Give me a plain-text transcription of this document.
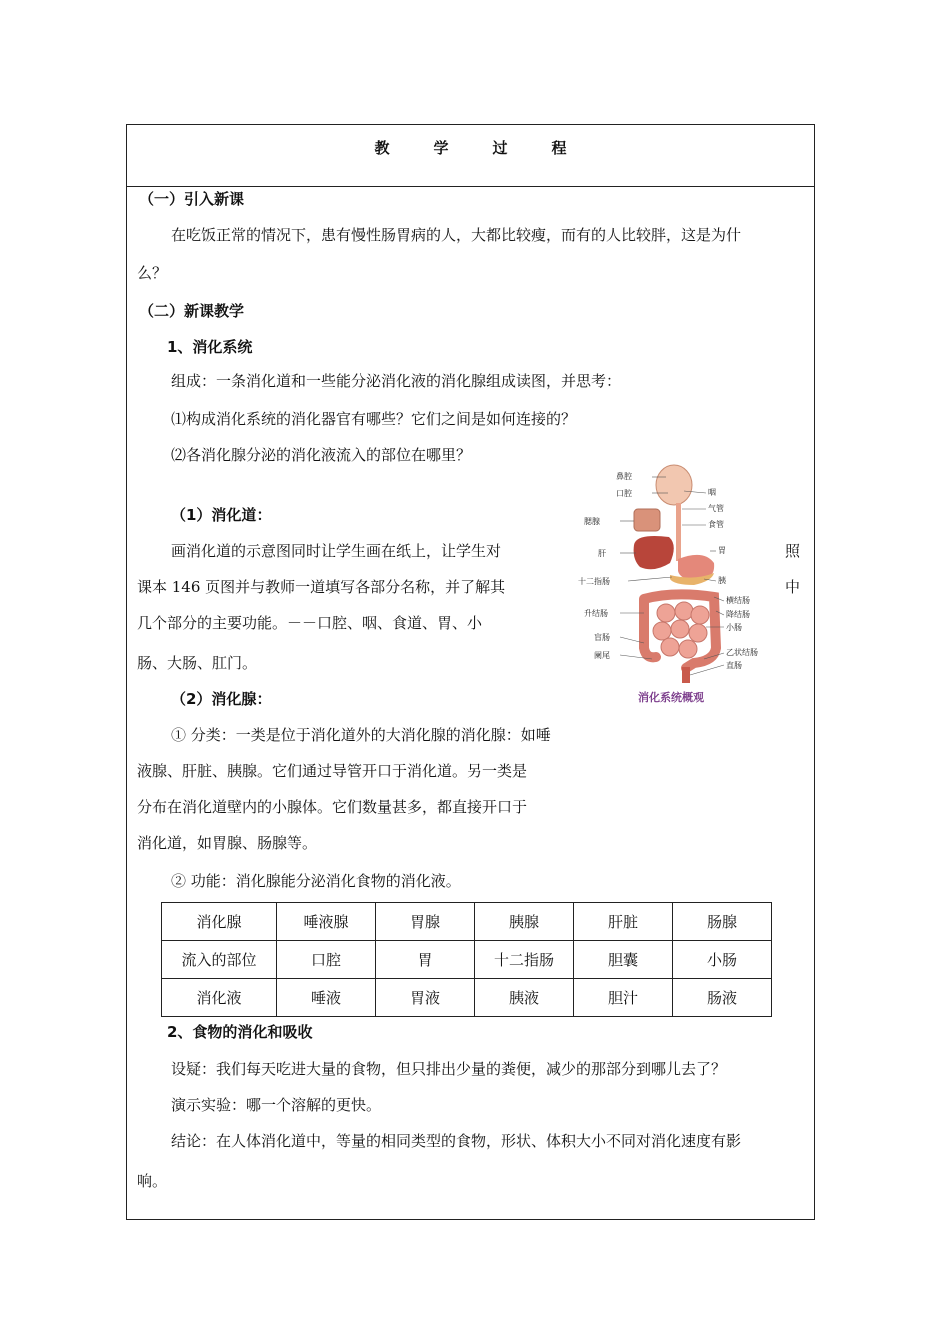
教	学	过	程
（一）引入新课
在吃饭正常的情况下，患有慢性肠胃病的人，大都比较瘦，而有的人比较胖，这是为什
么？
（二）新课教学
1、消化系统
组成：一条消化道和一些能分泌消化液的消化腺组成读图，并思考：
⑴构成消化系统的消化器官有哪些？它们之间是如何连接的？
⑵各消化腺分泌的消化液流入的部位在哪里？
（1）消化道：
画消化道的示意图同时让学生画在纸上，让学生对	照
课本 146 页图并与教师一道填写各部分名称，并了解其	中
几个部分的主要功能。－－口腔、咽、食道、胃、小
肠、大肠、肛门。
（2）消化腺：
① 分类：一类是位于消化道外的大消化腺的消化腺：如唾
液腺、肝脏、胰腺。它们通过导管开口于消化道。另一类是
分布在消化道壁内的小腺体。它们数量甚多，都直接开口于
消化道，如胃腺、肠腺等。
② 功能：消化腺能分泌消化食物的消化液。
消化腺	唾液腺	胃腺	胰腺	肝脏	肠腺
流入的部位	口腔	胃	十二指肠	胆囊	小肠
消化液	唾液	胃液	胰液	胆汁	肠液
2、食物的消化和吸收
设疑：我们每天吃进大量的食物，但只排出少量的粪便，减少的那部分到哪儿去了？
演示实验：哪一个溶解的更快。
结论：在人体消化道中，等量的相同类型的食物，形状、体积大小不同对消化速度有影
响。
鼻腔
口腔
腮腺
肝
十二指肠
升结肠
盲肠
阑尾
咽
气管
食管
胃
胰
横结肠
降结肠
小肠
乙状结肠
直肠
消化系统概观
